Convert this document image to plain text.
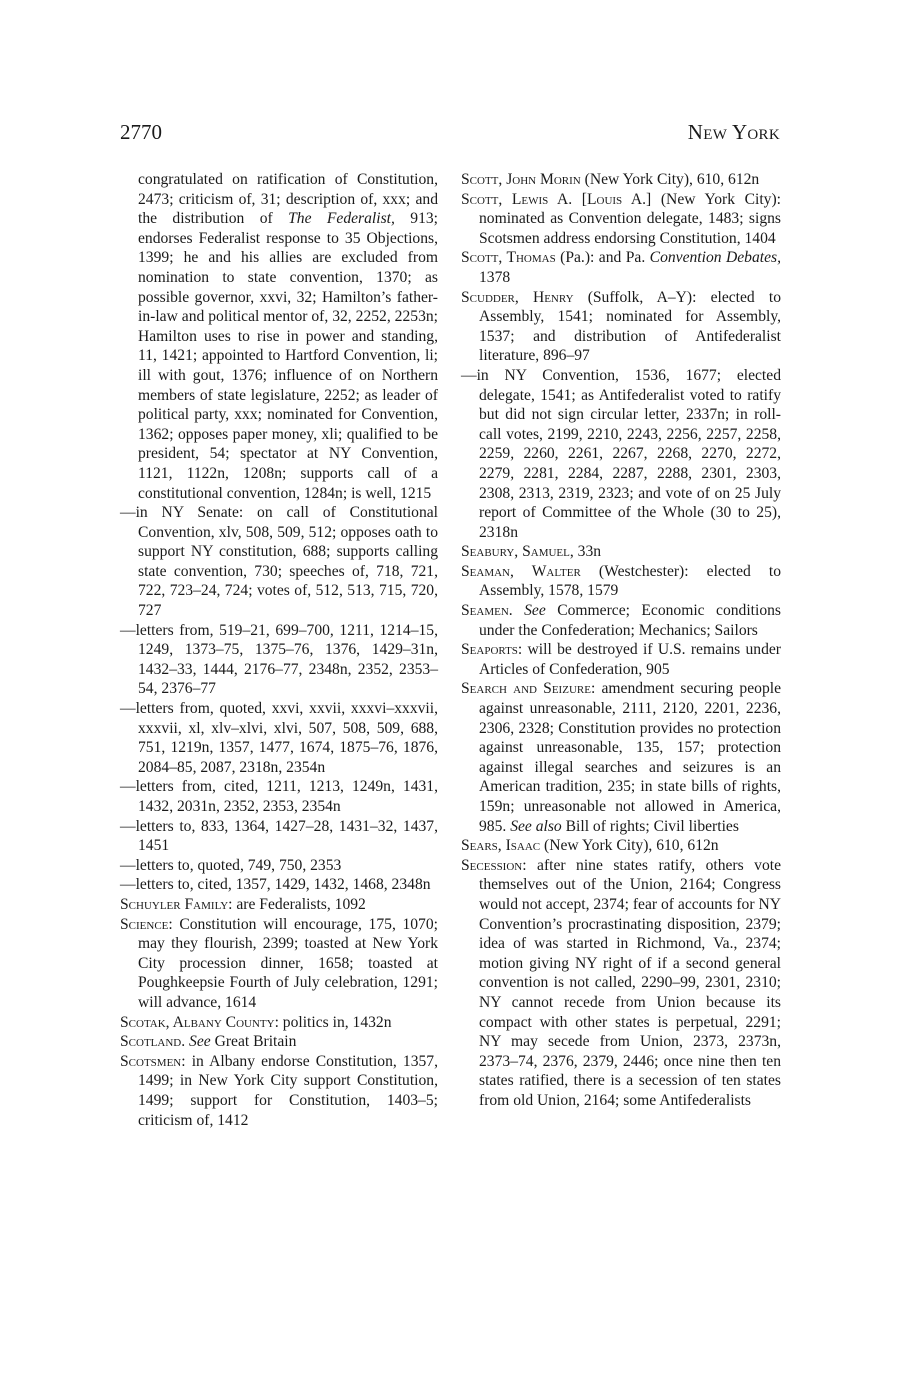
2770	New York

congratulated on ratification of Constitution, 2473; criticism of, 31; description of, xxx; and the distribution of The Federalist, 913; endorses Federalist response to 35 Objections, 1399; he and his allies are excluded from nomination to state convention, 1370; as possible governor, xxvi, 32; Hamilton’s father-in-law and political mentor of, 32, 2252, 2253n; Hamilton uses to rise in power and standing, 11, 1421; appointed to Hartford Convention, li; ill with gout, 1376; influence of on Northern members of state legislature, 2252; as leader of political party, xxx; nominated for Convention, 1362; opposes paper money, xli; qualified to be president, 54; spectator at NY Convention, 1121, 1122n, 1208n; supports call of a constitutional convention, 1284n; is well, 1215

—in NY Senate: on call of Constitutional Convention, xlv, 508, 509, 512; opposes oath to support NY constitution, 688; supports calling state convention, 730; speeches of, 718, 721, 722, 723–24, 724; votes of, 512, 513, 715, 720, 727

—letters from, 519–21, 699–700, 1211, 1214–15, 1249, 1373–75, 1375–76, 1376, 1429–31n, 1432–33, 1444, 2176–77, 2348n, 2352, 2353–54, 2376–77

—letters from, quoted, xxvi, xxvii, xxxvi–xxxvii, xxxvii, xl, xlv–xlvi, xlvi, 507, 508, 509, 688, 751, 1219n, 1357, 1477, 1674, 1875–76, 1876, 2084–85, 2087, 2318n, 2354n

—letters from, cited, 1211, 1213, 1249n, 1431, 1432, 2031n, 2352, 2353, 2354n

—letters to, 833, 1364, 1427–28, 1431–32, 1437, 1451

—letters to, quoted, 749, 750, 2353

—letters to, cited, 1357, 1429, 1432, 1468, 2348n

Schuyler Family: are Federalists, 1092

Science: Constitution will encourage, 175, 1070; may they flourish, 2399; toasted at New York City procession dinner, 1658; toasted at Poughkeepsie Fourth of July celebration, 1291; will advance, 1614

Scotak, Albany County: politics in, 1432n

Scotland. See Great Britain

Scotsmen: in Albany endorse Constitution, 1357, 1499; in New York City support Constitution, 1499; support for Constitution, 1403–5; criticism of, 1412

Scott, John Morin (New York City), 610, 612n

Scott, Lewis A. [Louis A.] (New York City): nominated as Convention delegate, 1483; signs Scotsmen address endorsing Constitution, 1404

Scott, Thomas (Pa.): and Pa. Convention Debates, 1378

Scudder, Henry (Suffolk, A–Y): elected to Assembly, 1541; nominated for Assembly, 1537; and distribution of Antifederalist literature, 896–97

—in NY Convention, 1536, 1677; elected delegate, 1541; as Antifederalist voted to ratify but did not sign circular letter, 2337n; in roll-call votes, 2199, 2210, 2243, 2256, 2257, 2258, 2259, 2260, 2261, 2267, 2268, 2270, 2272, 2279, 2281, 2284, 2287, 2288, 2301, 2303, 2308, 2313, 2319, 2323; and vote of on 25 July report of Committee of the Whole (30 to 25), 2318n

Seabury, Samuel, 33n

Seaman, Walter (Westchester): elected to Assembly, 1578, 1579

Seamen. See Commerce; Economic conditions under the Confederation; Mechanics; Sailors

Seaports: will be destroyed if U.S. remains under Articles of Confederation, 905

Search and Seizure: amendment securing people against unreasonable, 2111, 2120, 2201, 2236, 2306, 2328; Constitution provides no protection against unreasonable, 135, 157; protection against illegal searches and seizures is an American tradition, 235; in state bills of rights, 159n; unreasonable not allowed in America, 985. See also Bill of rights; Civil liberties

Sears, Isaac (New York City), 610, 612n

Secession: after nine states ratify, others vote themselves out of the Union, 2164; Congress would not accept, 2374; fear of accounts for NY Convention’s procrastinating disposition, 2379; idea of was started in Richmond, Va., 2374; motion giving NY right of if a second general convention is not called, 2290–99, 2301, 2310; NY cannot recede from Union because its compact with other states is perpetual, 2291; NY may secede from Union, 2373, 2373n, 2373–74, 2376, 2379, 2446; once nine then ten states ratified, there is a secession of ten states from old Union, 2164; some Antifederalists
